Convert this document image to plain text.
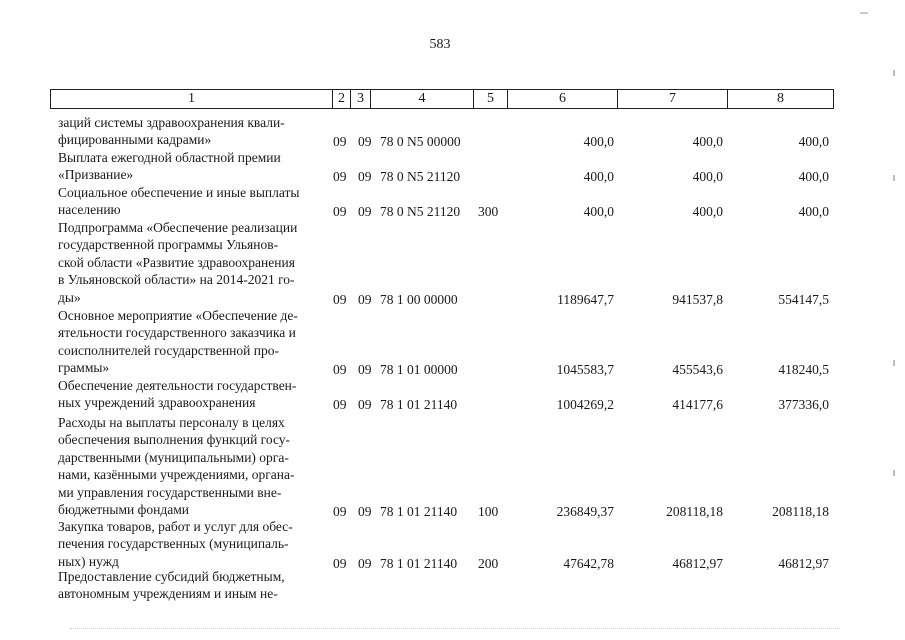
583
1	2 3	4	5	6	7	8
заций системы здравоохранения квали-
фицированными кадрами»	09 09 78 0 N5 00000	400,0	400,0	400,0
Выплата ежегодной областной премии
«Призвание»	09 09 78 0 N5 21120	400,0	400,0	400,0
Социальное обеспечение и иные выплаты
населению	09 09 78 0 N5 21120 300	400,0	400,0	400,0
Подпрограмма «Обеспечение реализации
государственной программы Ульянов-
ской области «Развитие здравоохранения
в Ульяновской области» на 2014-2021 го-
ды»	09 09 78 1 00 00000	1189647,7	941537,8	554147,5
Основное мероприятие «Обеспечение де-
ятельности государственного заказчика и
соисполнителей государственной про-
граммы»	09 09 78 1 01 00000	1045583,7	455543,6	418240,5
Обеспечение деятельности государствен-
ных учреждений здравоохранения	09 09 78 1 01 21140	1004269,2	414177,6	377336,0
Расходы на выплаты персоналу в целях
обеспечения выполнения функций госу-
дарственными (муниципальными) орга-
нами, казёнными учреждениями, органа-
ми управления государственными вне-
бюджетными фондами	09 09 78 1 01 21140 100	236849,37	208118,18	208118,18
Закупка товаров, работ и услуг для обес-
печения государственных (муниципаль-
ных) нужд	09 09 78 1 01 21140 200	47642,78	46812,97	46812,97
Предоставление субсидий бюджетным,
автономным учреждениям и иным не-
